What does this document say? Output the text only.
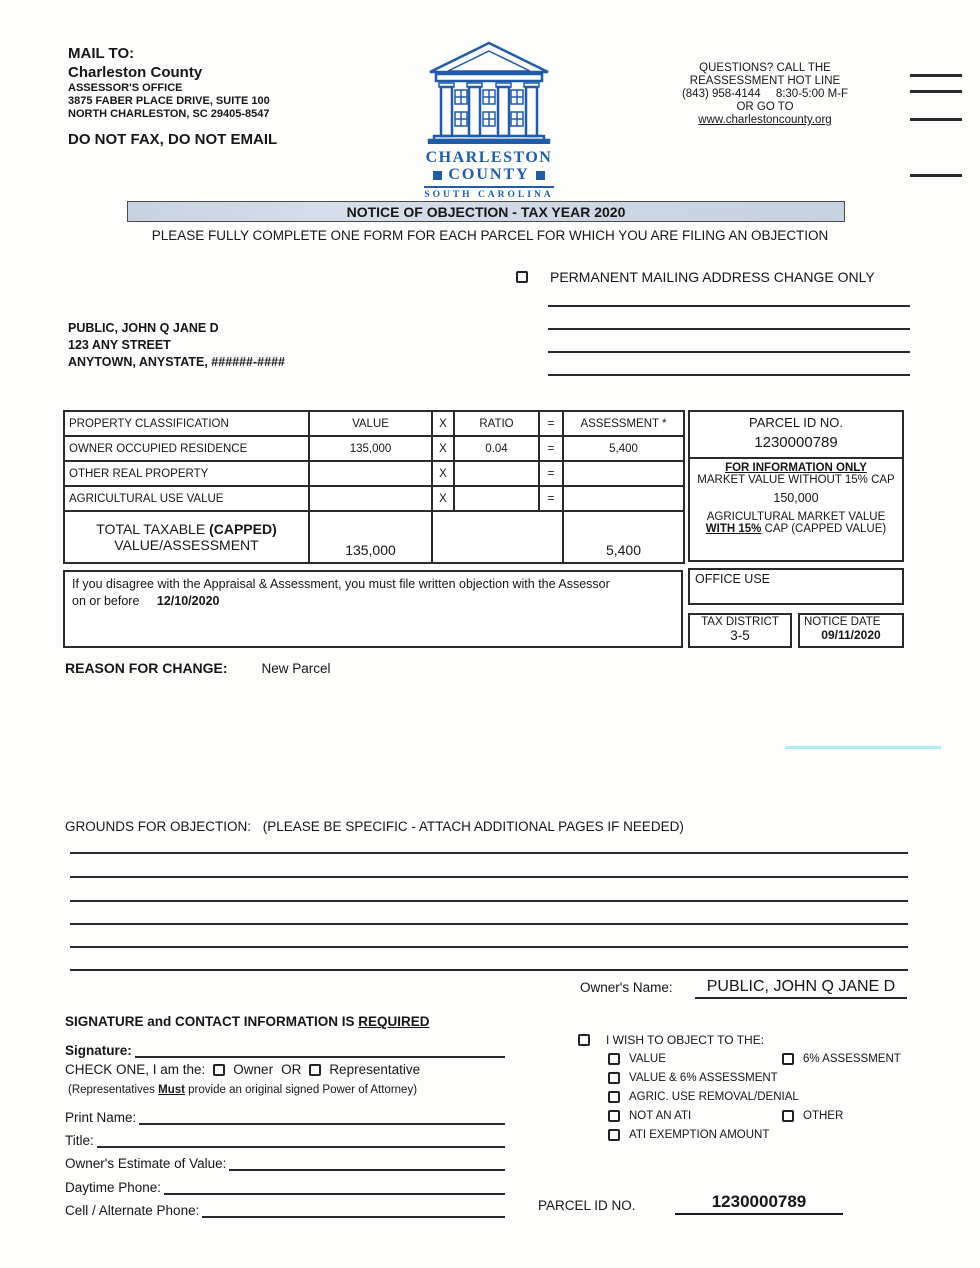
MAIL TO:
Charleston County
ASSESSOR'S OFFICE
3875 FABER PLACE DRIVE, SUITE 100
NORTH CHARLESTON, SC 29405-8547
DO NOT FAX, DO NOT EMAIL
CHARLESTON
COUNTY
SOUTH CAROLINA
QUESTIONS? CALL THE
REASSESSMENT HOT LINE
(843) 958-4144 8:30-5:00 M-F
OR GO TO
www.charlestoncounty.org
NOTICE OF OBJECTION - TAX YEAR 2020
PLEASE FULLY COMPLETE ONE FORM FOR EACH PARCEL FOR WHICH YOU ARE FILING AN OBJECTION
PERMANENT MAILING ADDRESS CHANGE ONLY
PUBLIC, JOHN Q JANE D
123 ANY STREET
ANYTOWN, ANYSTATE, ######-####
PROPERTY CLASSIFICATION	VALUE	X	RATIO	=	ASSESSMENT *
OWNER OCCUPIED RESIDENCE	135,000	X	0.04	=	5,400
OTHER REAL PROPERTY		X		=	
AGRICULTURAL USE VALUE		X		=	

TOTAL TAXABLE (CAPPED)
VALUE/ASSESSMENT	135,000				5,400
PARCEL ID NO.
1230000789
FOR INFORMATION ONLY
MARKET VALUE WITHOUT 15% CAP
150,000
AGRICULTURAL MARKET VALUE
WITH 15% CAP (CAPPED VALUE)
If you disagree with the Appraisal & Assessment, you must file written objection with the Assessor
on or before 12/10/2020
OFFICE USE
TAX DISTRICT
3-5
NOTICE DATE
09/11/2020
REASON FOR CHANGE:	New Parcel
GROUNDS FOR OBJECTION: (PLEASE BE SPECIFIC - ATTACH ADDITIONAL PAGES IF NEEDED)
Owner's Name:	PUBLIC, JOHN Q JANE D
SIGNATURE and CONTACT INFORMATION IS REQUIRED
Signature:
CHECK ONE, I am the: Owner OR Representative
(Representatives Must provide an original signed Power of Attorney)
Print Name:
Title:
Owner's Estimate of Value:
Daytime Phone:
Cell / Alternate Phone:
I WISH TO OBJECT TO THE:
VALUE	6% ASSESSMENT
VALUE & 6% ASSESSMENT
AGRIC. USE REMOVAL/DENIAL
NOT AN ATI	OTHER
ATI EXEMPTION AMOUNT
PARCEL ID NO.	1230000789
